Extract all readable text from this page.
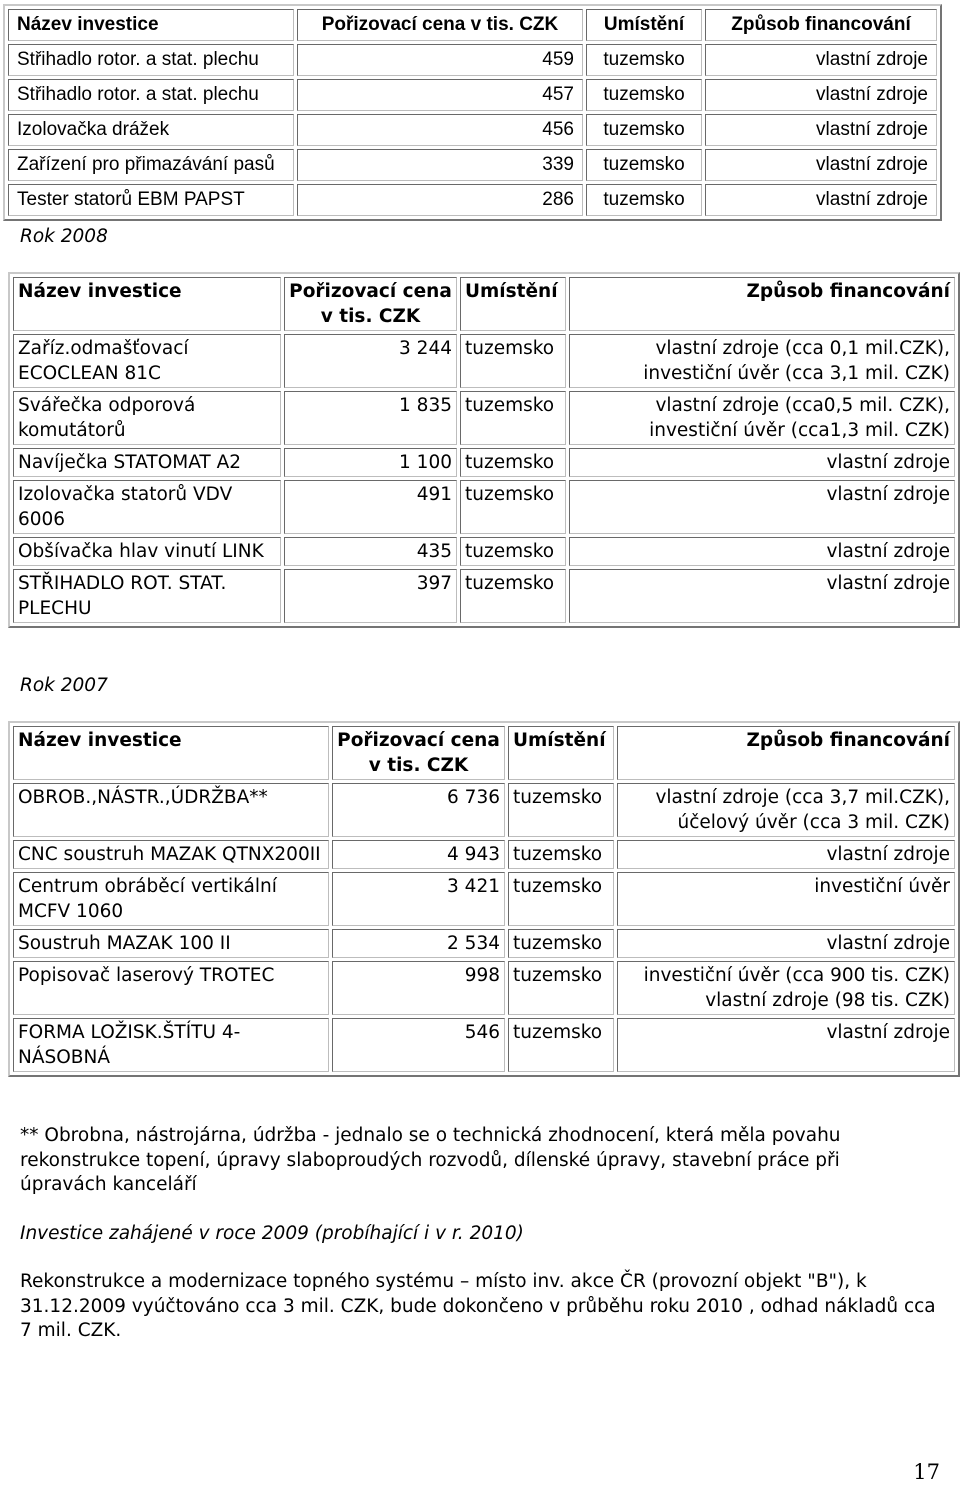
Název investice	Pořizovací cena v tis. CZK	Umístění	Způsob financování
Střihadlo rotor. a stat. plechu	459	tuzemsko	vlastní zdroje
Střihadlo rotor. a stat. plechu	457	tuzemsko	vlastní zdroje
Izolovačka drážek	456	tuzemsko	vlastní zdroje
Zařízení pro přimazávání pasů	339	tuzemsko	vlastní zdroje
Tester statorů EBM PAPST	286	tuzemsko	vlastní zdroje
Rok 2008
Název investice	Pořizovací cena v tis. CZK	Umístění	Způsob financování
Zaříz.odmašťovací ECOCLEAN 81C	3 244	tuzemsko	vlastní zdroje (cca 0,1 mil.CZK), investiční úvěr (cca 3,1 mil. CZK)
Svářečka odporová komutátorů	1 835	tuzemsko	vlastní zdroje (cca0,5 mil. CZK), investiční úvěr (cca1,3 mil. CZK)
Navíječka STATOMAT A2	1 100	tuzemsko	vlastní zdroje
Izolovačka statorů VDV 6006	491	tuzemsko	vlastní zdroje
Obšívačka hlav vinutí LINK	435	tuzemsko	vlastní zdroje
STŘIHADLO ROT. STAT. PLECHU	397	tuzemsko	vlastní zdroje
Rok 2007
Název investice	Pořizovací cena v tis. CZK	Umístění	Způsob financování
OBROB.,NÁSTR.,ÚDRŽBA**	6 736	tuzemsko	vlastní zdroje (cca 3,7 mil.CZK), účelový úvěr (cca 3 mil. CZK)
CNC soustruh MAZAK QTNX200II	4 943	tuzemsko	vlastní zdroje
Centrum obráběcí vertikální MCFV 1060	3 421	tuzemsko	investiční úvěr
Soustruh MAZAK 100 II	2 534	tuzemsko	vlastní zdroje
Popisovač laserový TROTEC	998	tuzemsko	investiční úvěr (cca 900 tis. CZK) vlastní zdroje (98 tis. CZK)
FORMA LOŽISK.ŠTÍTU 4-NÁSOBNÁ	546	tuzemsko	vlastní zdroje

** Obrobna, nástrojárna, údržba - jednalo se o technická zhodnocení, která měla povahu rekonstrukce topení, úpravy slaboproudých rozvodů, dílenské úpravy, stavební práce při úpravách kanceláří

Investice zahájené v roce 2009 (probíhající i v r. 2010)

Rekonstrukce a modernizace topného systému – místo inv. akce ČR (provozní objekt "B"), k 31.12.2009 vyúčtováno cca 3 mil. CZK, bude dokončeno v průběhu roku 2010 , odhad nákladů cca 7 mil. CZK.

17
